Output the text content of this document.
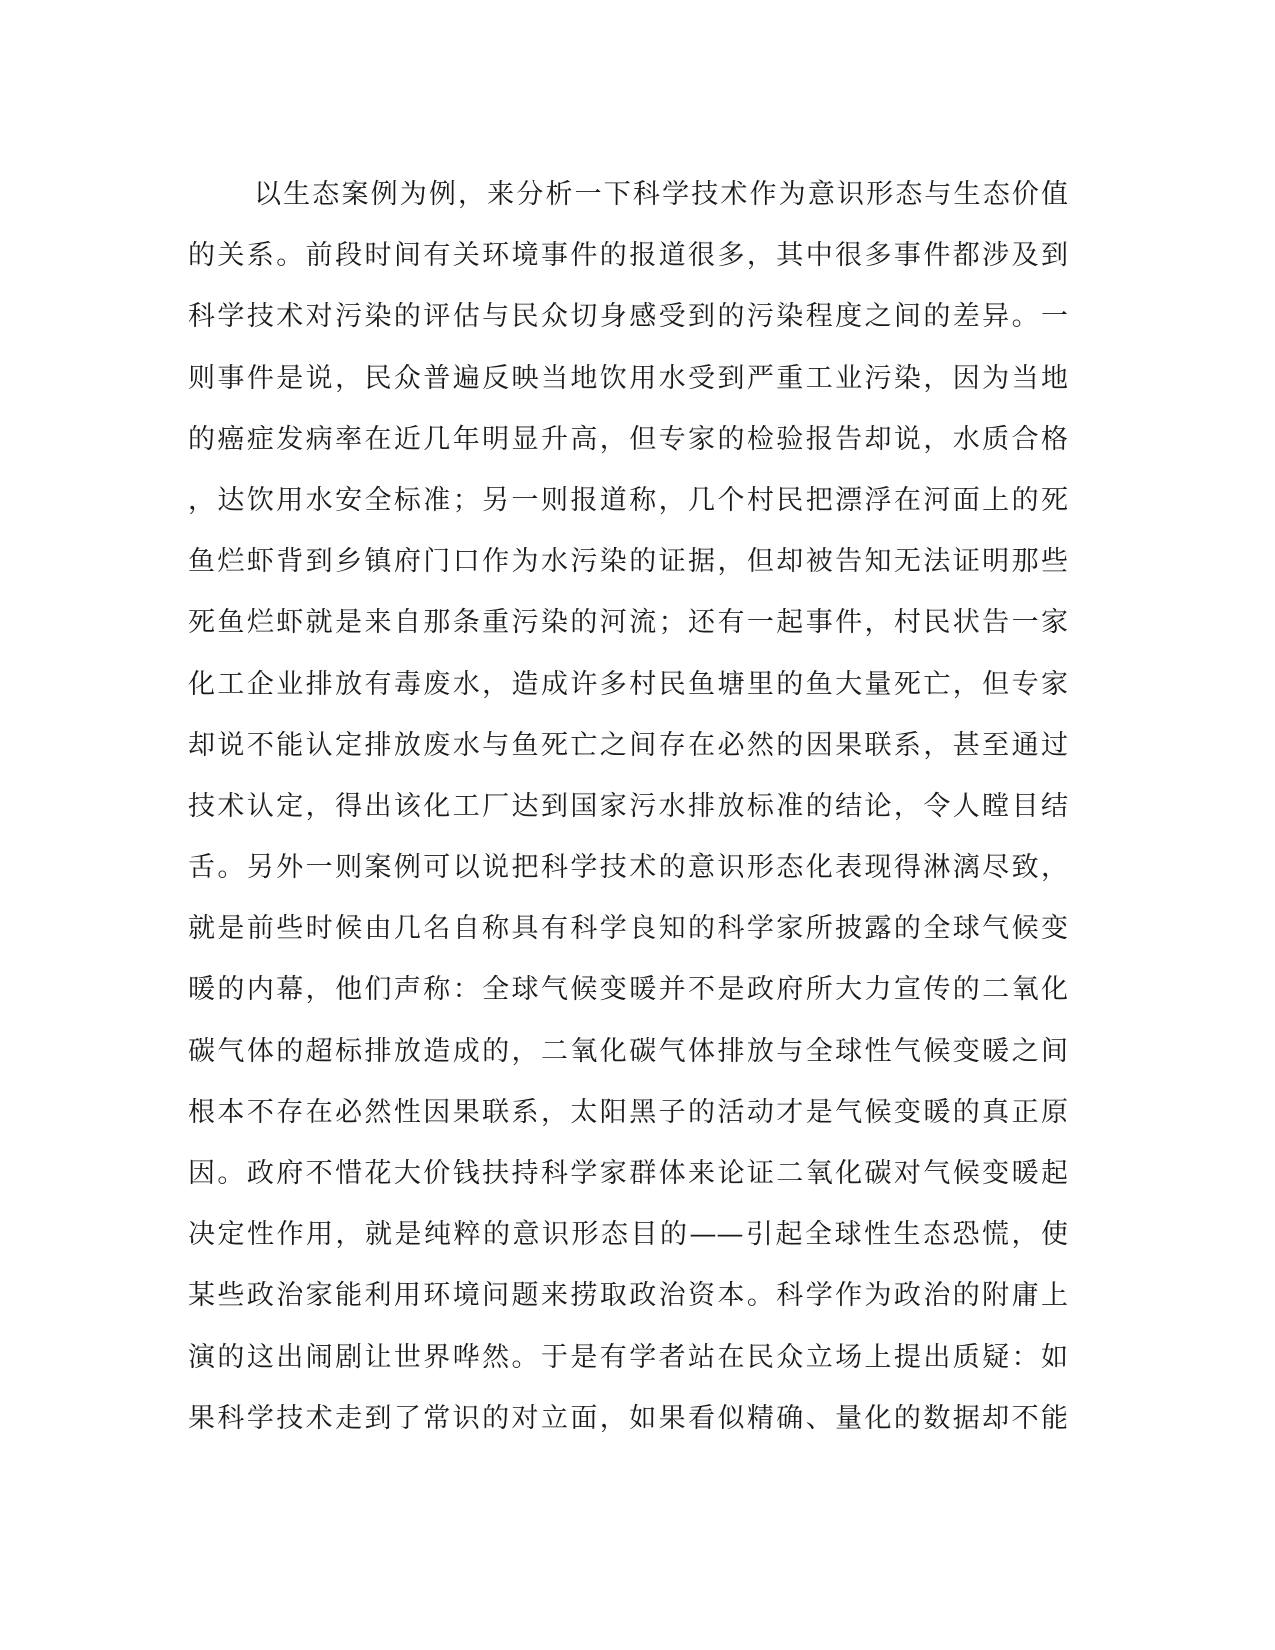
以生态案例为例，来分析一下科学技术作为意识形态与生态价值
的关系。前段时间有关环境事件的报道很多，其中很多事件都涉及到
科学技术对污染的评估与民众切身感受到的污染程度之间的差异。一
则事件是说，民众普遍反映当地饮用水受到严重工业污染，因为当地
的癌症发病率在近几年明显升高，但专家的检验报告却说，水质合格
，达饮用水安全标准；另一则报道称，几个村民把漂浮在河面上的死
鱼烂虾背到乡镇府门口作为水污染的证据，但却被告知无法证明那些
死鱼烂虾就是来自那条重污染的河流；还有一起事件，村民状告一家
化工企业排放有毒废水，造成许多村民鱼塘里的鱼大量死亡，但专家
却说不能认定排放废水与鱼死亡之间存在必然的因果联系，甚至通过
技术认定，得出该化工厂达到国家污水排放标准的结论，令人瞠目结
舌。另外一则案例可以说把科学技术的意识形态化表现得淋漓尽致，
就是前些时候由几名自称具有科学良知的科学家所披露的全球气候变
暖的内幕，他们声称：全球气候变暖并不是政府所大力宣传的二氧化
碳气体的超标排放造成的，二氧化碳气体排放与全球性气候变暖之间
根本不存在必然性因果联系，太阳黑子的活动才是气候变暖的真正原
因。政府不惜花大价钱扶持科学家群体来论证二氧化碳对气候变暖起
决定性作用，就是纯粹的意识形态目的——引起全球性生态恐慌，使
某些政治家能利用环境问题来捞取政治资本。科学作为政治的附庸上
演的这出闹剧让世界哗然。于是有学者站在民众立场上提出质疑：如
果科学技术走到了常识的对立面，如果看似精确、量化的数据却不能
